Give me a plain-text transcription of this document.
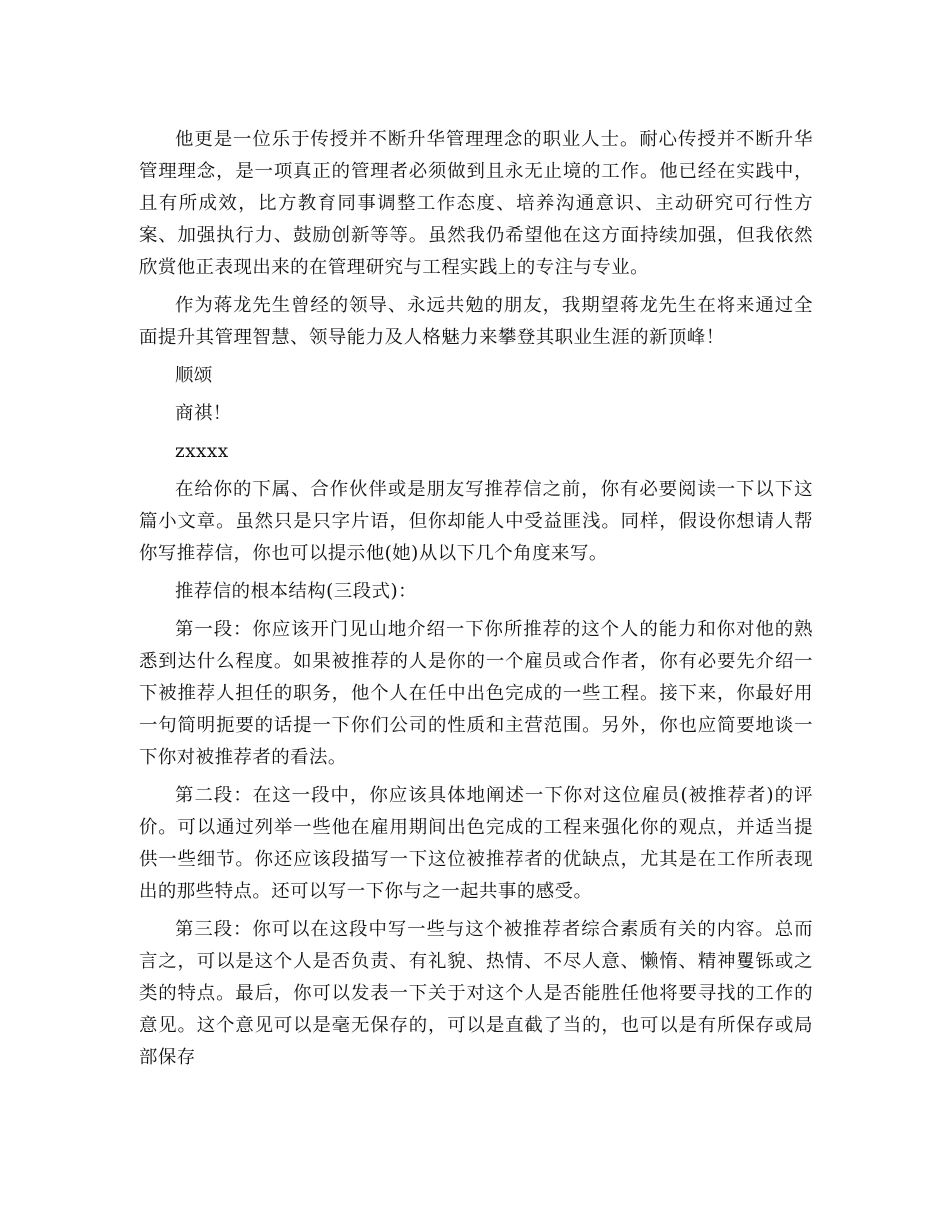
他更是一位乐于传授并不断升华管理理念的职业人士。耐心传授并不断升华管理理念，是一项真正的管理者必须做到且永无止境的工作。他已经在实践中，且有所成效，比方教育同事调整工作态度、培养沟通意识、主动研究可行性方案、加强执行力、鼓励创新等等。虽然我仍希望他在这方面持续加强，但我依然欣赏他正表现出来的在管理研究与工程实践上的专注与专业。

作为蒋龙先生曾经的领导、永远共勉的朋友，我期望蒋龙先生在将来通过全面提升其管理智慧、领导能力及人格魅力来攀登其职业生涯的新顶峰！

顺颂

商祺！

zxxxx

在给你的下属、合作伙伴或是朋友写推荐信之前，你有必要阅读一下以下这篇小文章。虽然只是只字片语，但你却能人中受益匪浅。同样，假设你想请人帮你写推荐信，你也可以提示他(她)从以下几个角度来写。

推荐信的根本结构(三段式)：

第一段：你应该开门见山地介绍一下你所推荐的这个人的能力和你对他的熟悉到达什么程度。如果被推荐的人是你的一个雇员或合作者，你有必要先介绍一下被推荐人担任的职务，他个人在任中出色完成的一些工程。接下来，你最好用一句简明扼要的话提一下你们公司的性质和主营范围。另外，你也应简要地谈一下你对被推荐者的看法。

第二段：在这一段中，你应该具体地阐述一下你对这位雇员(被推荐者)的评价。可以通过列举一些他在雇用期间出色完成的工程来强化你的观点，并适当提供一些细节。你还应该段描写一下这位被推荐者的优缺点，尤其是在工作所表现出的那些特点。还可以写一下你与之一起共事的感受。

第三段：你可以在这段中写一些与这个被推荐者综合素质有关的内容。总而言之，可以是这个人是否负责、有礼貌、热情、不尽人意、懒惰、精神矍铄或之类的特点。最后，你可以发表一下关于对这个人是否能胜任他将要寻找的工作的意见。这个意见可以是毫无保存的，可以是直截了当的，也可以是有所保存或局部保存
